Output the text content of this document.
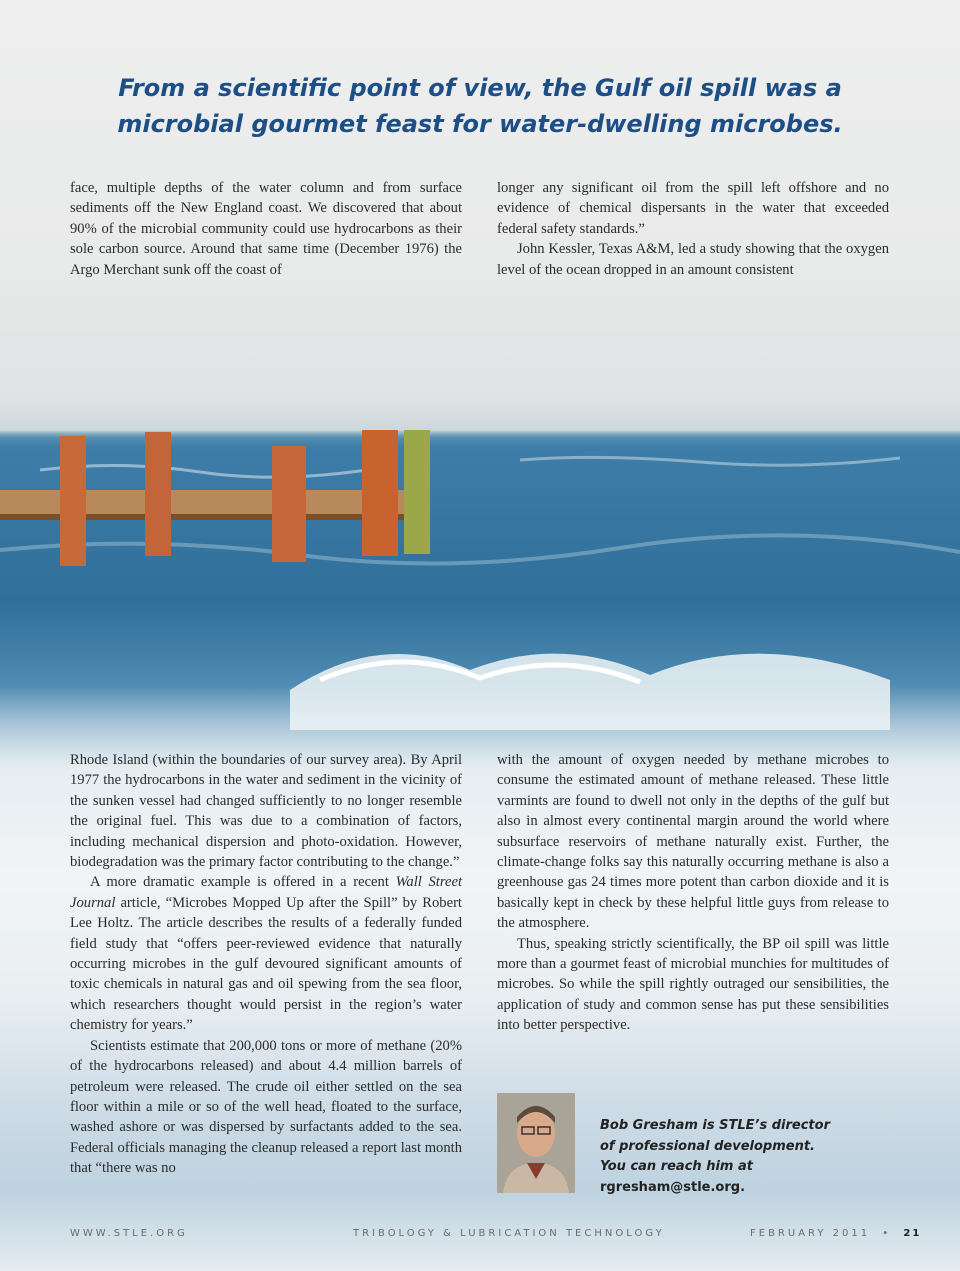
From a scientific point of view, the Gulf oil spill was a
microbial gourmet feast for water-dwelling microbes.

face, multiple depths of the water column and from surface sediments off the New England coast. We discovered that about 90% of the microbial community could use hydrocarbons as their sole carbon source. Around that same time (December 1976) the Argo Merchant sunk off the coast of

longer any significant oil from the spill left offshore and no evidence of chemical dispersants in the water that exceeded federal safety standards.”

John Kessler, Texas A&M, led a study showing that the oxygen level of the ocean dropped in an amount consistent

Rhode Island (within the boundaries of our survey area). By April 1977 the hydrocarbons in the water and sediment in the vicinity of the sunken vessel had changed sufficiently to no longer resemble the original fuel. This was due to a combination of factors, including mechanical dispersion and photo-oxidation. However, biodegradation was the primary factor contributing to the change.”

A more dramatic example is offered in a recent Wall Street Journal article, “Microbes Mopped Up after the Spill” by Robert Lee Holtz. The article describes the results of a federally funded field study that “offers peer-reviewed evidence that naturally occurring microbes in the gulf devoured significant amounts of toxic chemicals in natural gas and oil spewing from the sea floor, which researchers thought would persist in the region’s water chemistry for years.”

Scientists estimate that 200,000 tons or more of methane (20% of the hydrocarbons released) and about 4.4 million barrels of petroleum were released. The crude oil either settled on the sea floor within a mile or so of the well head, floated to the surface, washed ashore or was dispersed by surfactants added to the sea. Federal officials managing the cleanup released a report last month that “there was no

with the amount of oxygen needed by methane microbes to consume the estimated amount of methane released. These little varmints are found to dwell not only in the depths of the gulf but also in almost every continental margin around the world where subsurface reservoirs of methane naturally exist. Further, the climate-change folks say this naturally occurring methane is also a greenhouse gas 24 times more potent than carbon dioxide and it is basically kept in check by these helpful little guys from release to the atmosphere.

Thus, speaking strictly scientifically, the BP oil spill was little more than a gourmet feast of microbial munchies for multitudes of microbes. So while the spill rightly outraged our sensibilities, the application of study and common sense has put these sensibilities into better perspective.

Bob Gresham is STLE’s director
of professional development.
You can reach him at
rgresham@stle.org.
WWW.STLE.ORG	TRIBOLOGY & LUBRICATION TECHNOLOGY	FEBRUARY 2011 • 21
